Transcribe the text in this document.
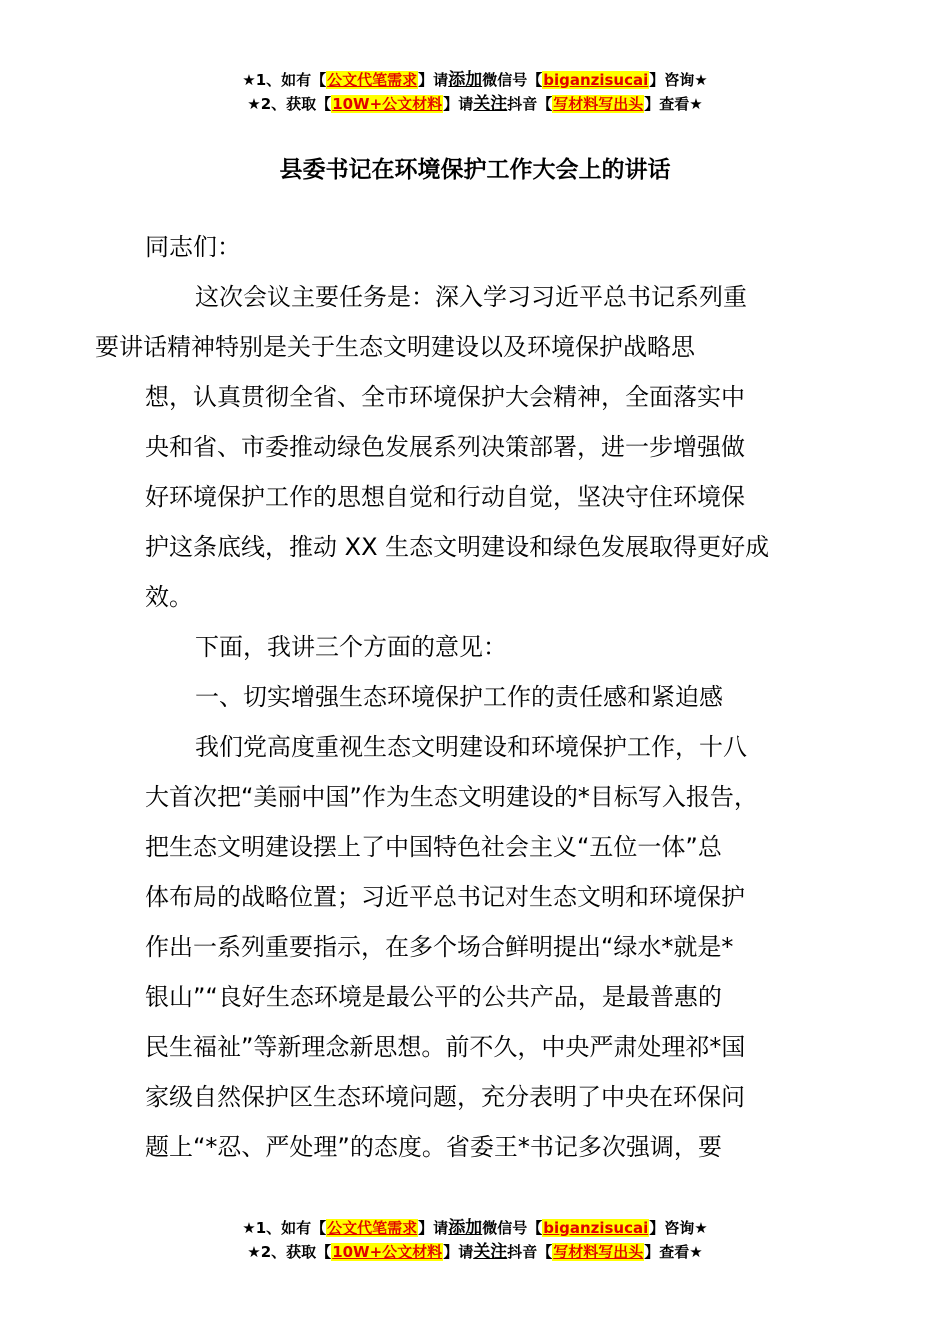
★1、如有【公文代笔需求】请添加微信号【biganzisucai】咨询★
★2、获取【10W+公文材料】请关注抖音【写材料写出头】查看★
县委书记在环境保护工作大会上的讲话

同志们：

这次会议主要任务是：深入学习习近平总书记系列重
要讲话精神特别是关于生态文明建设以及环境保护战略思
想，认真贯彻全省、全市环境保护大会精神，全面落实中
央和省、市委推动绿色发展系列决策部署，进一步增强做
好环境保护工作的思想自觉和行动自觉，坚决守住环境保
护这条底线，推动 XX 生态文明建设和绿色发展取得更好成
效。

下面，我讲三个方面的意见：

一、切实增强生态环境保护工作的责任感和紧迫感

我们党高度重视生态文明建设和环境保护工作，十八
大首次把“美丽中国”作为生态文明建设的*目标写入报告，
把生态文明建设摆上了中国特色社会主义“五位一体”总
体布局的战略位置；习近平总书记对生态文明和环境保护
作出一系列重要指示，在多个场合鲜明提出“绿水*就是*
银山”“良好生态环境是最公平的公共产品，是最普惠的
民生福祉”等新理念新思想。前不久，中央严肃处理祁*国
家级自然保护区生态环境问题，充分表明了中央在环保问
题上“*忍、严处理”的态度。省委王*书记多次强调，要

★1、如有【公文代笔需求】请添加微信号【biganzisucai】咨询★
★2、获取【10W+公文材料】请关注抖音【写材料写出头】查看★
